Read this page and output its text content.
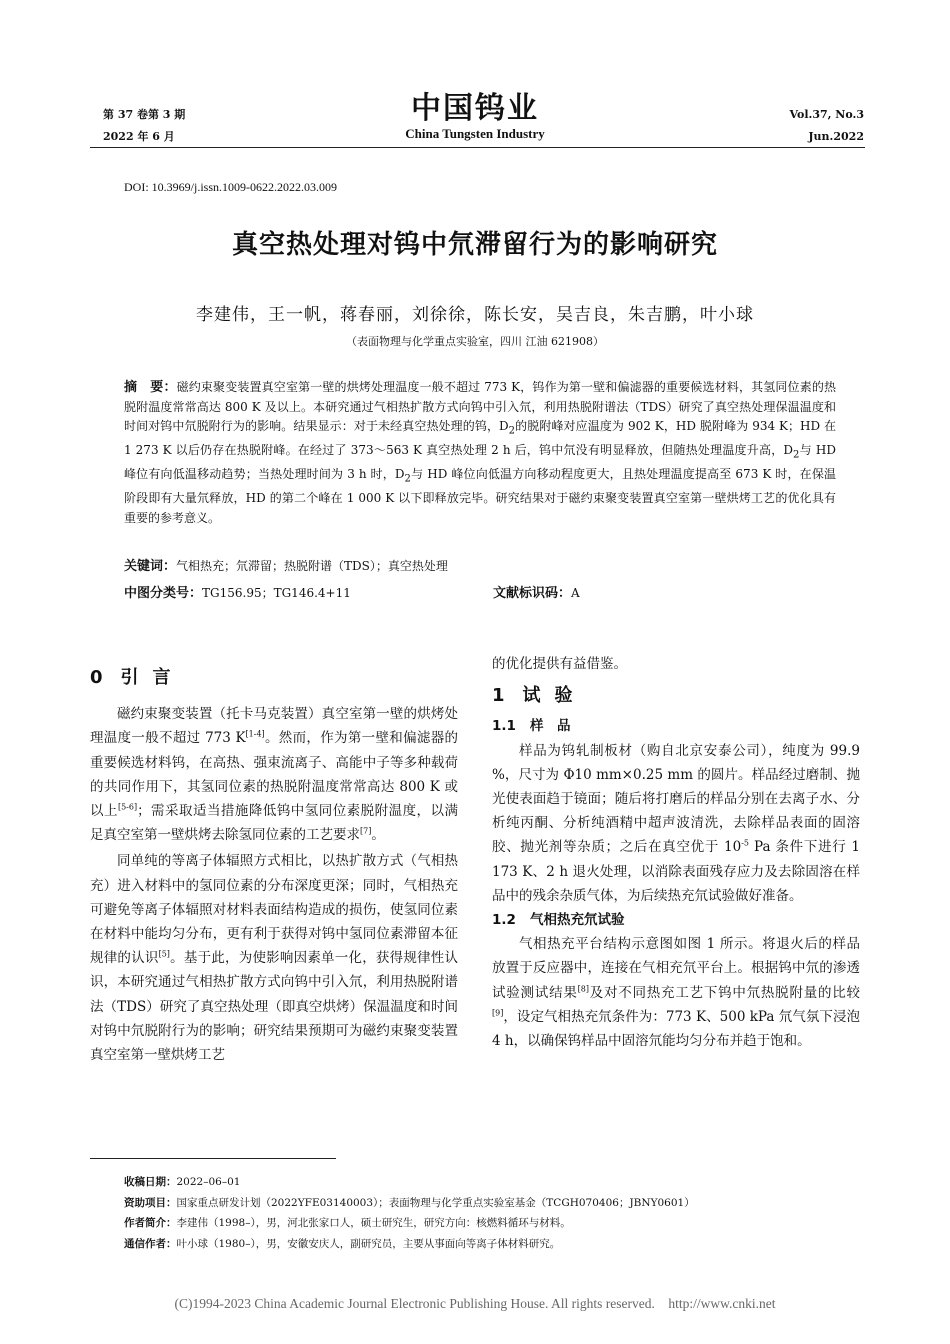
第 37 卷第 3 期
2022 年 6 月
中国钨业
China Tungsten Industry
Vol.37, No.3
Jun.2022
DOI: 10.3969/j.issn.1009-0622.2022.03.009
真空热处理对钨中氘滞留行为的影响研究
李建伟，王一帆，蒋春丽，刘徐徐，陈长安，吴吉良，朱吉鹏，叶小球
（表面物理与化学重点实验室，四川 江油 621908）
摘　要：磁约束聚变装置真空室第一壁的烘烤处理温度一般不超过 773 K，钨作为第一壁和偏滤器的重要候选材料，其氢同位素的热脱附温度常常高达 800 K 及以上。本研究通过气相热扩散方式向钨中引入氘，利用热脱附谱法（TDS）研究了真空热处理保温温度和时间对钨中氘脱附行为的影响。结果显示：对于未经真空热处理的钨，$D_2$的脱附峰对应温度为 902 K，HD 脱附峰为 934 K；HD 在 1 273 K 以后仍存在热脱附峰。在经过了 373～563 K 真空热处理 2 h 后，钨中氘没有明显释放，但随热处理温度升高，$D_2$与 HD 峰位有向低温移动趋势；当热处理时间为 3 h 时，$D_2$与 HD 峰位向低温方向移动程度更大，且热处理温度提高至 673 K 时，在保温阶段即有大量氘释放，HD 的第二个峰在 1 000 K 以下即释放完毕。研究结果对于磁约束聚变装置真空室第一壁烘烤工艺的优化具有重要的参考意义。
关键词：气相热充；氘滞留；热脱附谱（TDS）；真空热处理
中图分类号：TG156.95；TG146.4+11	文献标识码：A
0 引言

磁约束聚变装置（托卡马克装置）真空室第一壁的烘烤处理温度一般不超过 773 K[1-4]。然而，作为第一壁和偏滤器的重要候选材料钨，在高热、强束流离子、高能中子等多种载荷的共同作用下，其氢同位素的热脱附温度常常高达 800 K 或以上[5-6]；需采取适当措施降低钨中氢同位素脱附温度，以满足真空室第一壁烘烤去除氢同位素的工艺要求[7]。

同单纯的等离子体辐照方式相比，以热扩散方式（气相热充）进入材料中的氢同位素的分布深度更深；同时，气相热充可避免等离子体辐照对材料表面结构造成的损伤，使氢同位素在材料中能均匀分布，更有利于获得对钨中氢同位素滞留本征规律的认识[5]。基于此，为使影响因素单一化，获得规律性认识，本研究通过气相热扩散方式向钨中引入氘，利用热脱附谱法（TDS）研究了真空热处理（即真空烘烤）保温温度和时间对钨中氘脱附行为的影响；研究结果预期可为磁约束聚变装置真空室第一壁烘烤工艺

的优化提供有益借鉴。
1 试验
1.1 样　品

样品为钨轧制板材（购自北京安泰公司），纯度为 99.9 %，尺寸为 Φ10 mm×0.25 mm 的圆片。样品经过磨制、抛光使表面趋于镜面；随后将打磨后的样品分别在去离子水、分析纯丙酮、分析纯酒精中超声波清洗，去除样品表面的固溶胶、抛光剂等杂质；之后在真空优于 $10^{-5}$ Pa 条件下进行 1 173 K、2 h 退火处理，以消除表面残存应力及去除固溶在样品中的残余杂质气体，为后续热充氘试验做好准备。

1.2 气相热充氘试验

气相热充平台结构示意图如图 1 所示。将退火后的样品放置于反应器中，连接在气相充氘平台上。根据钨中氘的渗透试验测试结果[8]及对不同热充工艺下钨中氘热脱附量的比较[9]，设定气相热充氘条件为：773 K、500 kPa 氘气氛下浸泡 4 h，以确保钨样品中固溶氘能均匀分布并趋于饱和。

收稿日期：2022–06–01
资助项目：国家重点研发计划（2022YFE03140003）；表面物理与化学重点实验室基金（TCGH070406；JBNY0601）
作者简介：李建伟（1998–），男，河北张家口人，硕士研究生，研究方向：核燃料循环与材料。
通信作者：叶小球（1980–），男，安徽安庆人，副研究员，主要从事面向等离子体材料研究。
(C)1994-2023 China Academic Journal Electronic Publishing House. All rights reserved.    http://www.cnki.net
